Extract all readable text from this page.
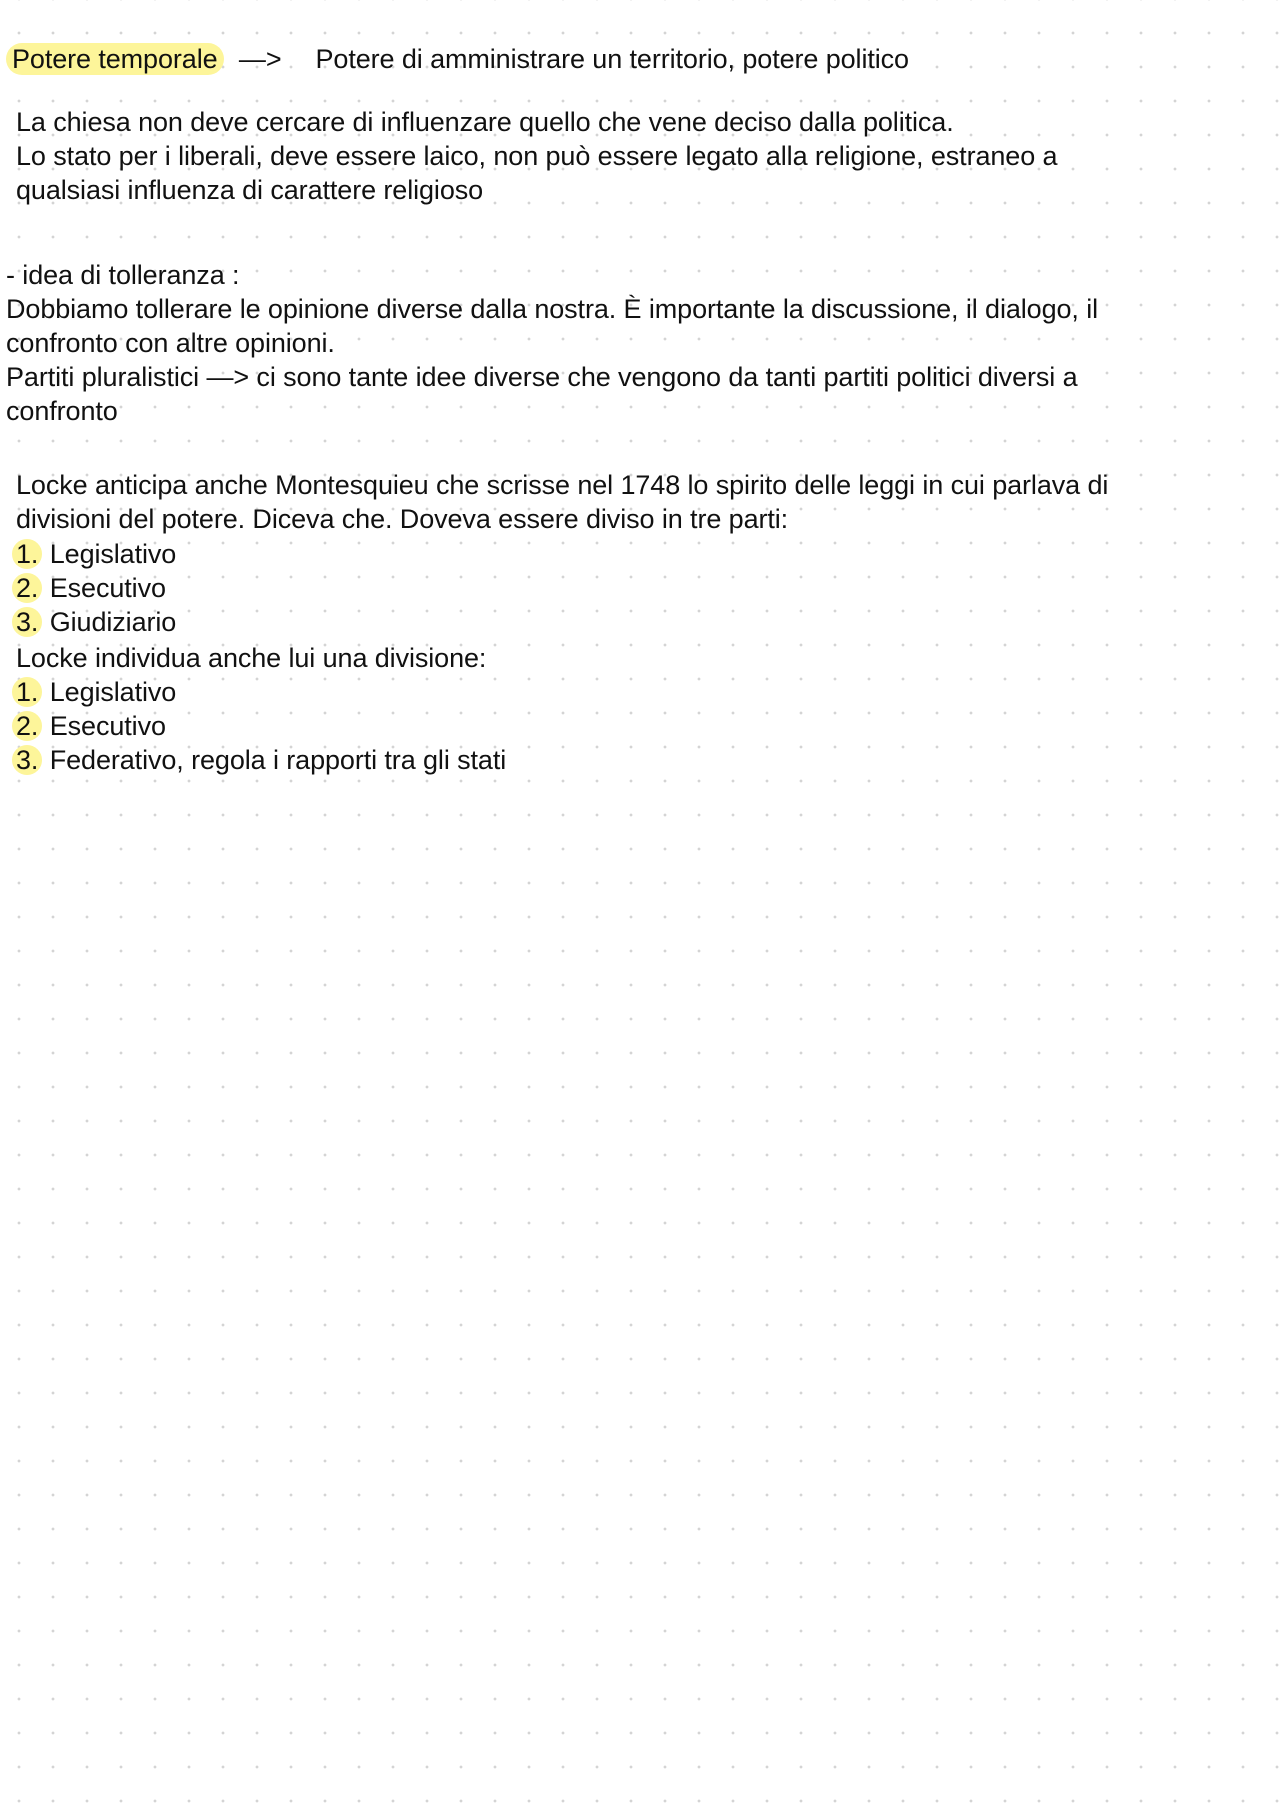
Potere temporale —> Potere di amministrare un territorio, potere politico
La chiesa non deve cercare di influenzare quello che vene deciso dalla politica.
Lo stato per i liberali, deve essere laico, non può essere legato alla religione, estraneo a
qualsiasi influenza di carattere religioso
- idea di tolleranza :
Dobbiamo tollerare le opinione diverse dalla nostra. È importante la discussione, il dialogo, il
confronto con altre opinioni.
Partiti pluralistici —> ci sono tante idee diverse che vengono da tanti partiti politici diversi a
confronto
Locke anticipa anche Montesquieu che scrisse nel 1748 lo spirito delle leggi in cui parlava di
divisioni del potere. Diceva che. Doveva essere diviso in tre parti:
1. Legislativo
2. Esecutivo
3. Giudiziario
Locke individua anche lui una divisione:
1. Legislativo
2. Esecutivo
3. Federativo, regola i rapporti tra gli stati
